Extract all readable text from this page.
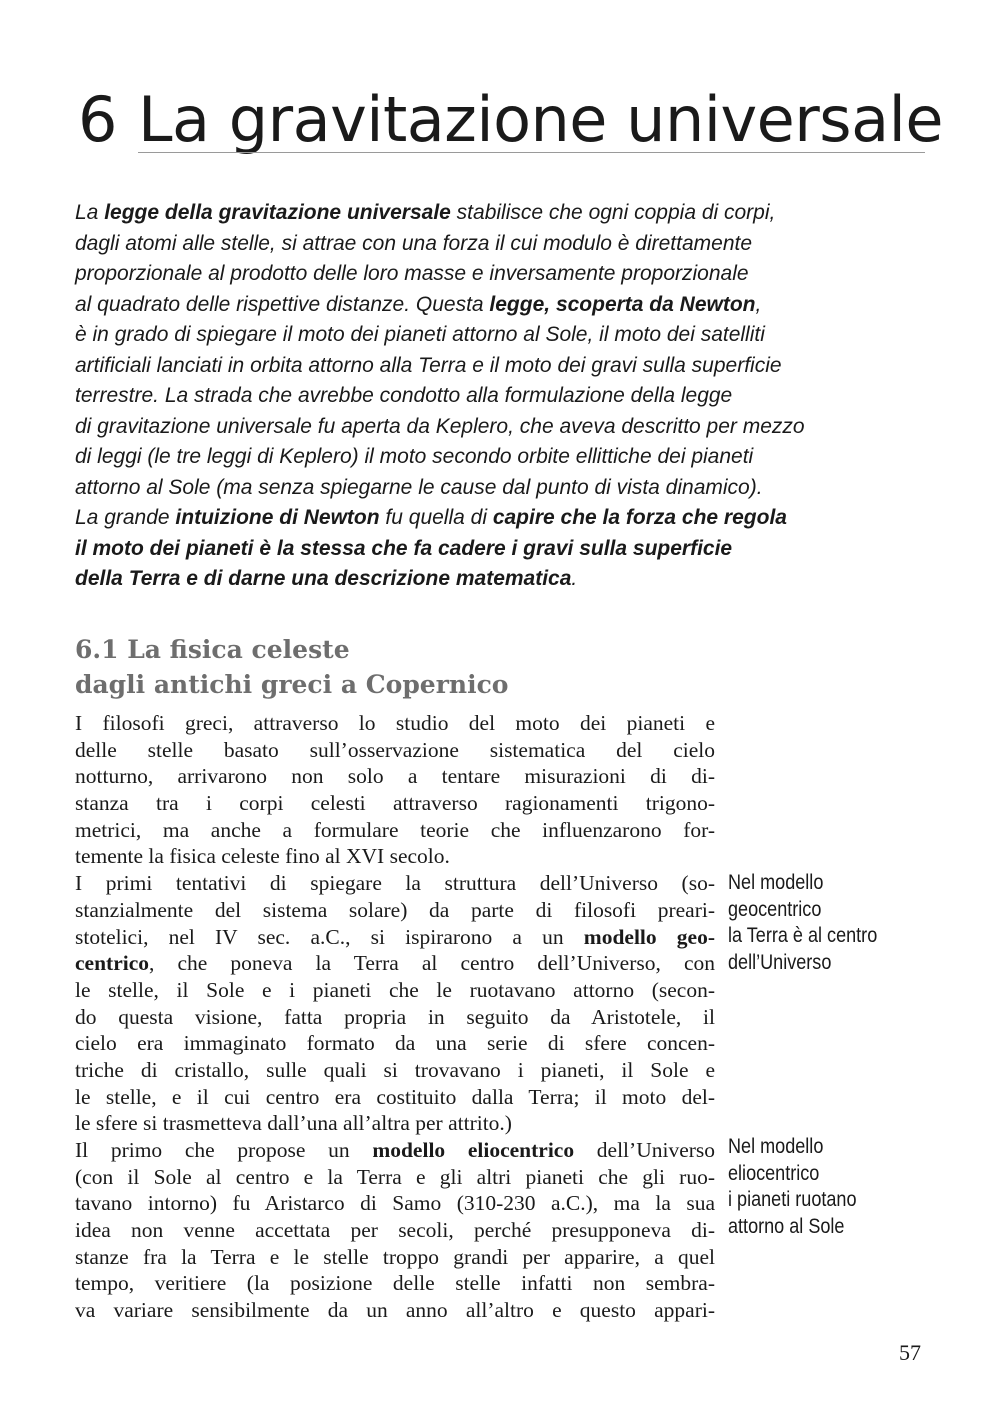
6 La gravitazione universale
La legge della gravitazione universale stabilisce che ogni coppia di corpi,
dagli atomi alle stelle, si attrae con una forza il cui modulo è direttamente
proporzionale al prodotto delle loro masse e inversamente proporzionale
al quadrato delle rispettive distanze. Questa legge, scoperta da Newton,
è in grado di spiegare il moto dei pianeti attorno al Sole, il moto dei satelliti
artificiali lanciati in orbita attorno alla Terra e il moto dei gravi sulla superficie
terrestre. La strada che avrebbe condotto alla formulazione della legge
di gravitazione universale fu aperta da Keplero, che aveva descritto per mezzo
di leggi (le tre leggi di Keplero) il moto secondo orbite ellittiche dei pianeti
attorno al Sole (ma senza spiegarne le cause dal punto di vista dinamico).
La grande intuizione di Newton fu quella di capire che la forza che regola
il moto dei pianeti è la stessa che fa cadere i gravi sulla superficie
della Terra e di darne una descrizione matematica.
6.1 La fisica celeste
dagli antichi greci a Copernico
I filosofi greci, attraverso lo studio del moto dei pianeti e
delle stelle basato sull’osservazione sistematica del cielo
notturno, arrivarono non solo a tentare misurazioni di di-
stanza tra i corpi celesti attraverso ragionamenti trigono-
metrici, ma anche a formulare teorie che influenzarono for-
temente la fisica celeste fino al XVI secolo.
I primi tentativi di spiegare la struttura dell’Universo (so-
stanzialmente del sistema solare) da parte di filosofi preari-
stotelici, nel IV sec. a.C., si ispirarono a un modello geo-
centrico, che poneva la Terra al centro dell’Universo, con
le stelle, il Sole e i pianeti che le ruotavano attorno (secon-
do questa visione, fatta propria in seguito da Aristotele, il
cielo era immaginato formato da una serie di sfere concen-
triche di cristallo, sulle quali si trovavano i pianeti, il Sole e
le stelle, e il cui centro era costituito dalla Terra; il moto del-
le sfere si trasmetteva dall’una all’altra per attrito.)
Il primo che propose un modello eliocentrico dell’Universo
(con il Sole al centro e la Terra e gli altri pianeti che gli ruo-
tavano intorno) fu Aristarco di Samo (310-230 a.C.), ma la sua
idea non venne accettata per secoli, perché presupponeva di-
stanze fra la Terra e le stelle troppo grandi per apparire, a quel
tempo, veritiere (la posizione delle stelle infatti non sembra-
va variare sensibilmente da un anno all’altro e questo appari-
Nel modello
geocentrico
la Terra è al centro
dell’Universo
Nel modello
eliocentrico
i pianeti ruotano
attorno al Sole
57
